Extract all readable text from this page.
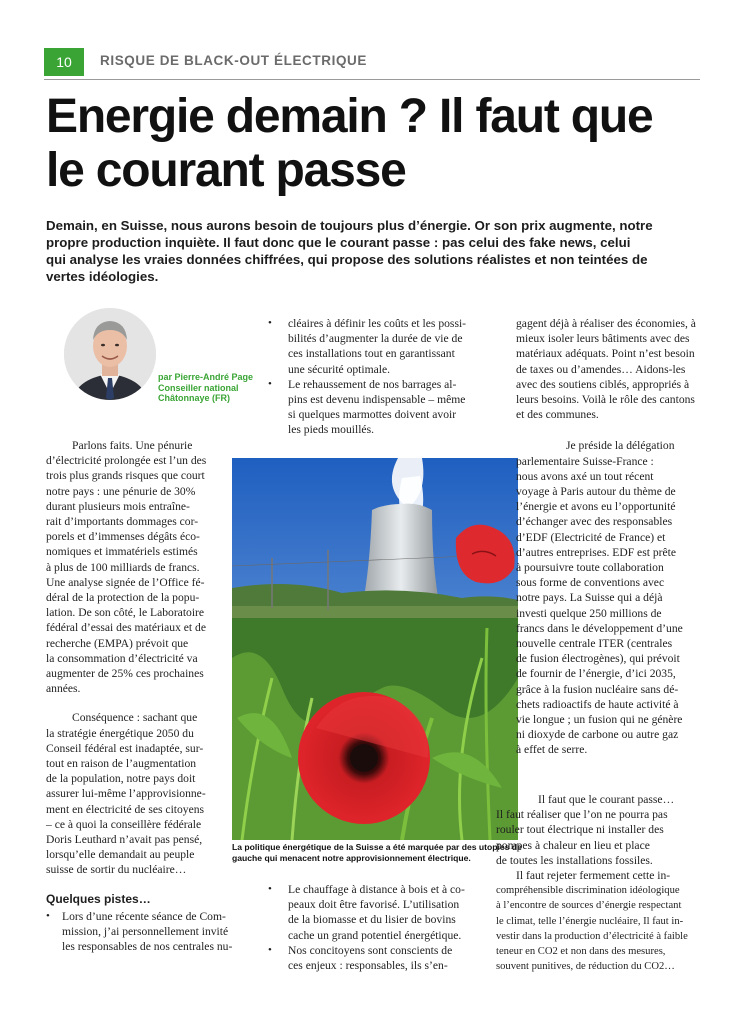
10	RISQUE DE BLACK-OUT ÉLECTRIQUE
Energie demain ? Il faut que
le courant passe
Demain, en Suisse, nous aurons besoin de toujours plus d’énergie. Or son prix augmente, notre
propre production inquiète. Il faut donc que le courant passe : pas celui des fake news, celui
qui analyse les vraies données chiffrées, qui propose des solutions réalistes et non teintées de
vertes idéologies.
par Pierre-André Page
Conseiller national
Châtonnaye (FR)

Parlons faits. Une pénurie

d’électricité prolongée est l’un des
trois plus grands risques que court
notre pays : une pénurie de 30%
durant plusieurs mois entraîne-
rait d’importants dommages cor-
porels et d’immenses dégâts éco-
nomiques et immatériels estimés
à plus de 100 milliards de francs.
Une analyse signée de l’Office fé-
déral de la protection de la popu-
lation. De son côté, le Laboratoire
fédéral d’essai des matériaux et de
recherche (EMPA) prévoit que
la consommation d’électricité va
augmenter de 25% ces prochaines
années.

Conséquence : sachant que
la stratégie énergétique 2050 du
Conseil fédéral est inadaptée, sur-
tout en raison de l’augmentation
de la population, notre pays doit
assurer lui-même l’approvisionne-
ment en électricité de ses citoyens
– ce à quoi la conseillère fédérale
Doris Leuthard n’avait pas pensé,
lorsqu’elle demandait au peuple
suisse de sortir du nucléaire…

Quelques pistes…
• Lors d’une récente séance de Com-
mission, j’ai personnellement invité
les responsables de nos centrales nu-
• cléaires à définir les coûts et les possi-
bilités d’augmenter la durée de vie de
ces installations tout en garantissant
une sécurité optimale.
• Le rehaussement de nos barrages al-
pins est devenu indispensable – même
si quelques marmottes doivent avoir
les pieds mouillés.
La politique énergétique de la Suisse a été marquée par des utopies de
gauche qui menacent notre approvisionnement électrique.
• Le chauffage à distance à bois et à co-
peaux doit être favorisé. L’utilisation
de la biomasse et du lisier de bovins
cache un grand potentiel énergétique.
• Nos concitoyens sont conscients de
ces enjeux : responsables, ils s’en-

gagent déjà à réaliser des économies, à
mieux isoler leurs bâtiments avec des
matériaux adéquats. Point n’est besoin
de taxes ou d’amendes… Aidons-les
avec des soutiens ciblés, appropriés à
leurs besoins. Voilà le rôle des cantons
et des communes.

Je préside la délégation
parlementaire Suisse-France :
nous avons axé un tout récent
voyage à Paris autour du thème de
l’énergie et avons eu l’opportunité
d’échanger avec des responsables
d’EDF (Electricité de France) et
d’autres entreprises. EDF est prête
à poursuivre toute collaboration
sous forme de conventions avec
notre pays. La Suisse qui a déjà
investi quelque 250 millions de
francs dans le développement d’une
nouvelle centrale ITER (centrales
de fusion électrogènes), qui prévoit
de fournir de l’énergie, d’ici 2035,
grâce à la fusion nucléaire sans dé-
chets radioactifs de haute activité à
vie longue ; un fusion qui ne génère
ni dioxyde de carbone ou autre gaz
à effet de serre.

Il faut que le courant passe…
Il faut réaliser que l’on ne pourra pas
rouler tout électrique ni installer des
pompes à chaleur en lieu et place
de toutes les installations fossiles.
Il faut rejeter fermement cette in-
compréhensible discrimination idéologique
à l’encontre de sources d’énergie respectant
le climat, telle l’énergie nucléaire, Il faut in-
vestir dans la production d’électricité à faible
teneur en CO2 et non dans des mesures,
souvent punitives, de réduction du CO2…
